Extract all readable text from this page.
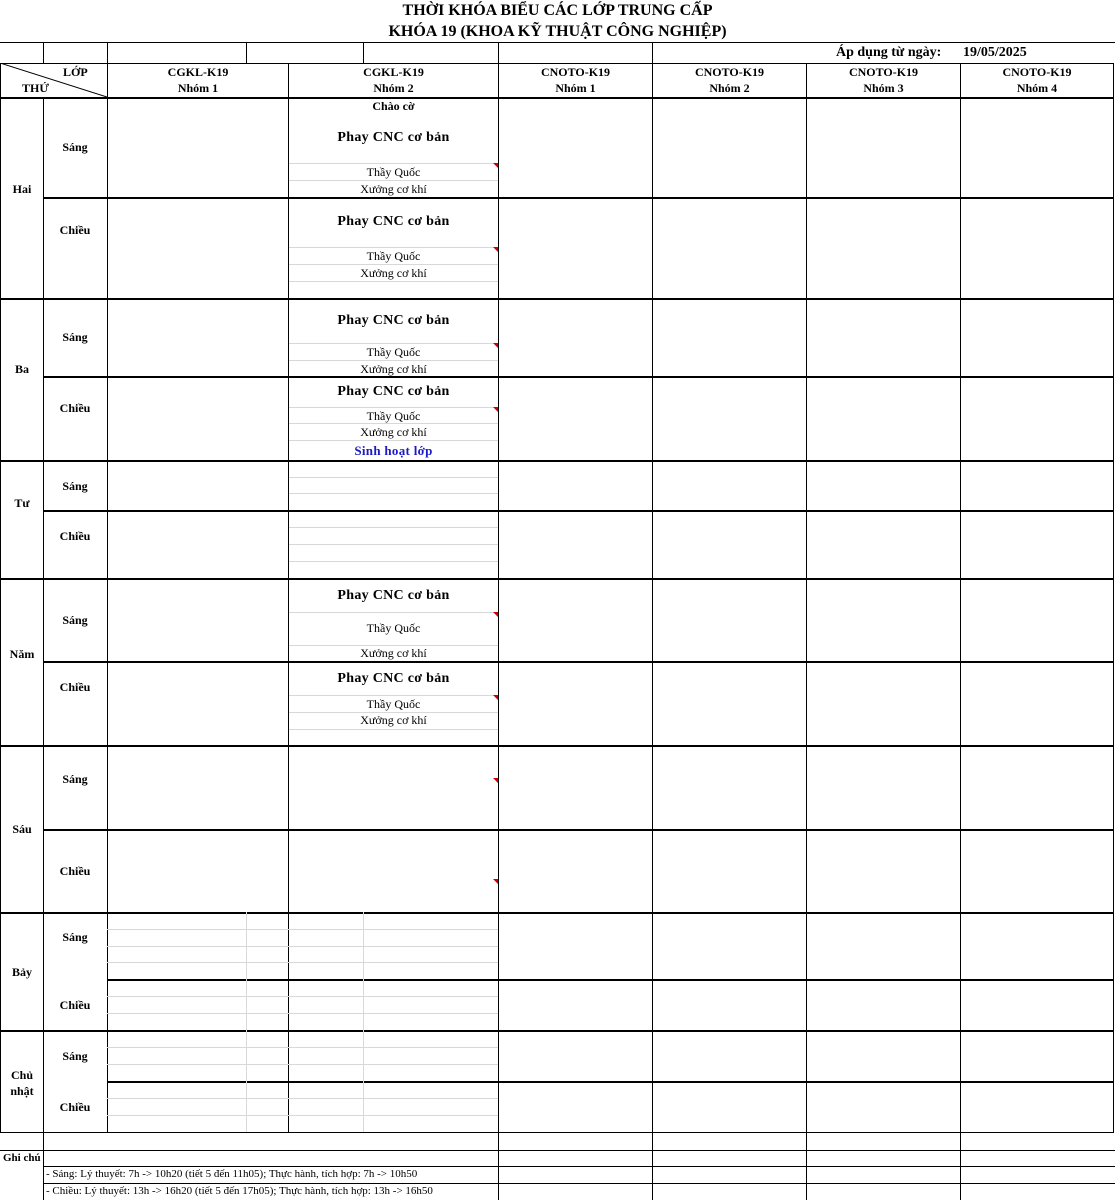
THỜI KHÓA BIỂU CÁC LỚP TRUNG CẤP
KHÓA 19 (KHOA KỸ THUẬT CÔNG NGHIỆP)
Áp dụng từ ngày: 19/05/2025
LỚP
THỨ
CGKL-K19
Nhóm 1
CGKL-K19
Nhóm 2
CNOTO-K19
Nhóm 1
CNOTO-K19
Nhóm 2
CNOTO-K19
Nhóm 3
CNOTO-K19
Nhóm 4
Hai
Ba
Tư
Năm
Sáu
Bảy
Chủ nhật
Sáng
Chiều
Sáng
Chiều
Sáng
Chiều
Sáng
Chiều
Sáng
Chiều
Sáng
Chiều
Sáng
Chiều
Chào cờ
Phay CNC cơ bản
Thầy Quốc
Xưởng cơ khí
Phay CNC cơ bản
Thầy Quốc
Xưởng cơ khí
Phay CNC cơ bản
Thầy Quốc
Xưởng cơ khí
Phay CNC cơ bản
Thầy Quốc
Xưởng cơ khí
Sinh hoạt lớp
Phay CNC cơ bản
Thầy Quốc
Xưởng cơ khí
Phay CNC cơ bản
Thầy Quốc
Xưởng cơ khí
Ghi chú
- Sáng: Lý thuyết: 7h -> 10h20 (tiết 5 đến 11h05); Thực hành, tích hợp: 7h -> 10h50
- Chiều: Lý thuyết: 13h -> 16h20 (tiết 5 đến 17h05); Thực hành, tích hợp: 13h -> 16h50
